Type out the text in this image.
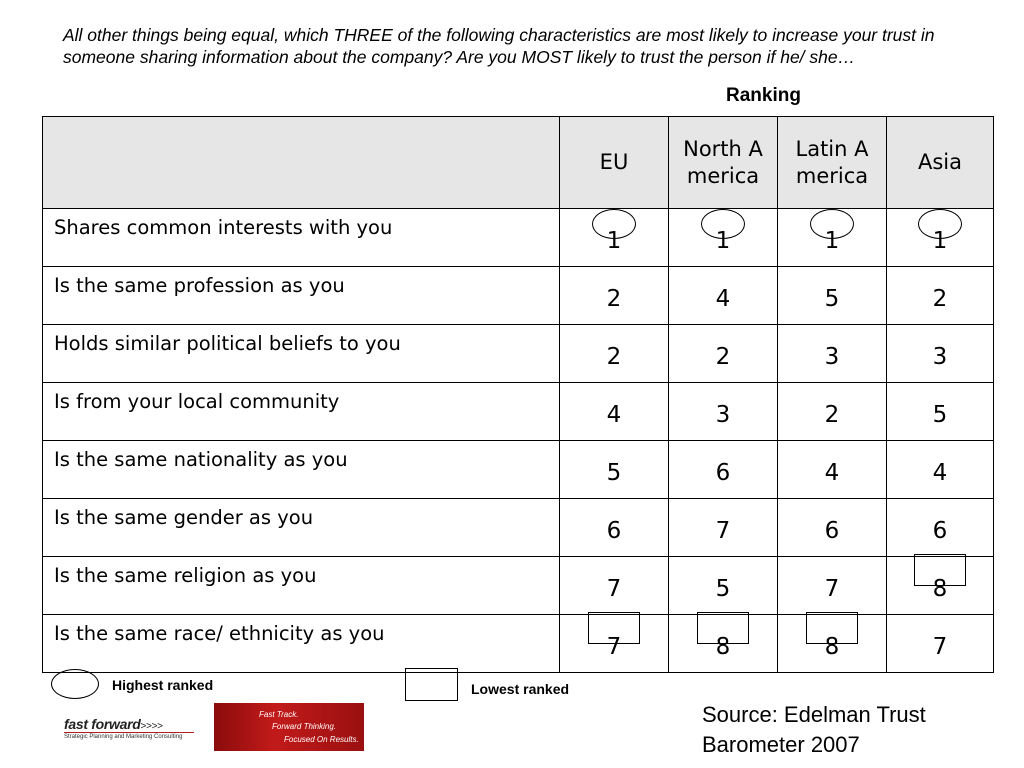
All other things being equal, which THREE of the following characteristics are most likely to increase your trust in someone sharing information about the company? Are you MOST likely to trust the person if he/ she…
Ranking
	EU	North America	Latin America	Asia
Shares common interests with you	1	1	1	1
Is the same profession as you	2	4	5	2
Holds similar political beliefs to you	2	2	3	3
Is from your local community	4	3	2	5
Is the same nationality as you	5	6	4	4
Is the same gender as you	6	7	6	6
Is the same religion as you	7	5	7	8
Is the same race/ ethnicity as you	7	8	8	7
Highest ranked	Lowest ranked
Source: Edelman Trust Barometer 2007
fast forward>>>>
Strategic Planning and Marketing Consulting
Fast Track.
Forward Thinking.
Focused On Results.
